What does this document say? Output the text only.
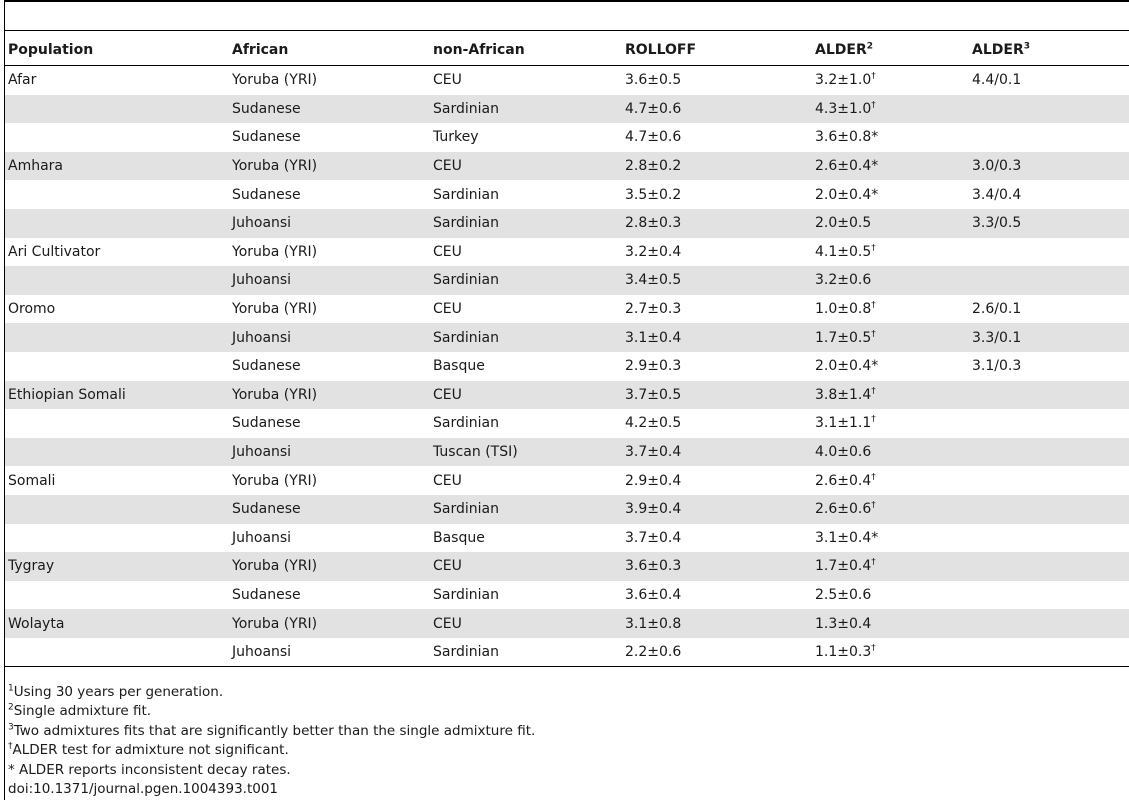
Population	African	non-African	ROLLOFF	ALDER$^2$	ALDER$^3$
Afar	Yoruba (YRI)	CEU	3.6±0.5	3.2±1.0†	4.4/0.1
	Sudanese	Sardinian	4.7±0.6	4.3±1.0†	
	Sudanese	Turkey	4.7±0.6	3.6±0.8*	
Amhara	Yoruba (YRI)	CEU	2.8±0.2	2.6±0.4*	3.0/0.3
	Sudanese	Sardinian	3.5±0.2	2.0±0.4*	3.4/0.4
	Juhoansi	Sardinian	2.8±0.3	2.0±0.5	3.3/0.5
Ari Cultivator	Yoruba (YRI)	CEU	3.2±0.4	4.1±0.5†	
	Juhoansi	Sardinian	3.4±0.5	3.2±0.6	
Oromo	Yoruba (YRI)	CEU	2.7±0.3	1.0±0.8†	2.6/0.1
	Juhoansi	Sardinian	3.1±0.4	1.7±0.5†	3.3/0.1
	Sudanese	Basque	2.9±0.3	2.0±0.4*	3.1/0.3
Ethiopian Somali	Yoruba (YRI)	CEU	3.7±0.5	3.8±1.4†	
	Sudanese	Sardinian	4.2±0.5	3.1±1.1†	
	Juhoansi	Tuscan (TSI)	3.7±0.4	4.0±0.6	
Somali	Yoruba (YRI)	CEU	2.9±0.4	2.6±0.4†	
	Sudanese	Sardinian	3.9±0.4	2.6±0.6†	
	Juhoansi	Basque	3.7±0.4	3.1±0.4*	
Tygray	Yoruba (YRI)	CEU	3.6±0.3	1.7±0.4†	
	Sudanese	Sardinian	3.6±0.4	2.5±0.6	
Wolayta	Yoruba (YRI)	CEU	3.1±0.8	1.3±0.4	
	Juhoansi	Sardinian	2.2±0.6	1.1±0.3†	
$^1$Using 30 years per generation.
$^2$Single admixture fit.
$^3$Two admixtures fits that are significantly better than the single admixture fit.
†ALDER test for admixture not significant.
* ALDER reports inconsistent decay rates.
doi:10.1371/journal.pgen.1004393.t001
